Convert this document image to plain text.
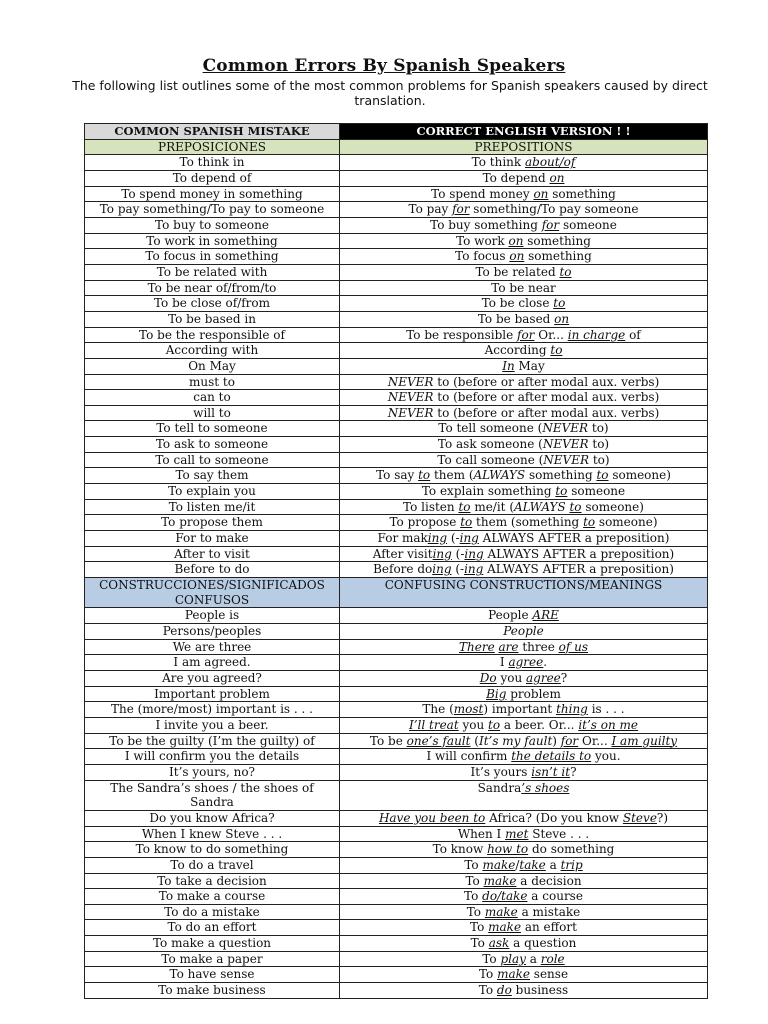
Common Errors By Spanish Speakers
The following list outlines some of the most common problems for Spanish speakers caused by direct translation.
COMMON SPANISH MISTAKE	CORRECT ENGLISH VERSION ! !
PREPOSICIONES	PREPOSITIONS
To think in	To think about/of
To depend of	To depend on
To spend money in something	To spend money on something
To pay something/To pay to someone	To pay for something/To pay someone
To buy to someone	To buy something for someone
To work in something	To work on something
To focus in something	To focus on something
To be related with	To be related to
To be near of/from/to	To be near
To be close of/from	To be close to
To be based in	To be based on
To be the responsible of	To be responsible for Or... in charge of
According with	According to
On May	In May
must to	NEVER to (before or after modal aux. verbs)
can to	NEVER to (before or after modal aux. verbs)
will to	NEVER to (before or after modal aux. verbs)
To tell to someone	To tell someone (NEVER to)
To ask to someone	To ask someone (NEVER to)
To call to someone	To call someone (NEVER to)
To say them	To say to them (ALWAYS something to someone)
To explain you	To explain something to someone
To listen me/it	To listen to me/it (ALWAYS to someone)
To propose them	To propose to them (something to someone)
For to make	For making (-ing ALWAYS AFTER a preposition)
After to visit	After visiting (-ing ALWAYS AFTER a preposition)
Before to do	Before doing (-ing ALWAYS AFTER a preposition)
CONSTRUCCIONES/SIGNIFICADOS CONFUSOS	CONFUSING CONSTRUCTIONS/MEANINGS
People is	People ARE
Persons/peoples	People
We are three	There are three of us
I am agreed.	I agree.
Are you agreed?	Do you agree?
Important problem	Big problem
The (more/most) important is . . .	The (most) important thing is . . .
I invite you a beer.	I’ll treat you to a beer. Or... it’s on me
To be the guilty (I’m the guilty) of	To be one’s fault (It’s my fault) for Or... I am guilty
I will confirm you the details	I will confirm the details to you.
It’s yours, no?	It’s yours isn’t it?
The Sandra’s shoes / the shoes of Sandra	Sandra’s shoes
Do you know Africa?	Have you been to Africa? (Do you know Steve?)
When I knew Steve . . .	When I met Steve . . .
To know to do something	To know how to do something
To do a travel	To make/take a trip
To take a decision	To make a decision
To make a course	To do/take a course
To do a mistake	To make a mistake
To do an effort	To make an effort
To make a question	To ask a question
To make a paper	To play a role
To have sense	To make sense
To make business	To do business
